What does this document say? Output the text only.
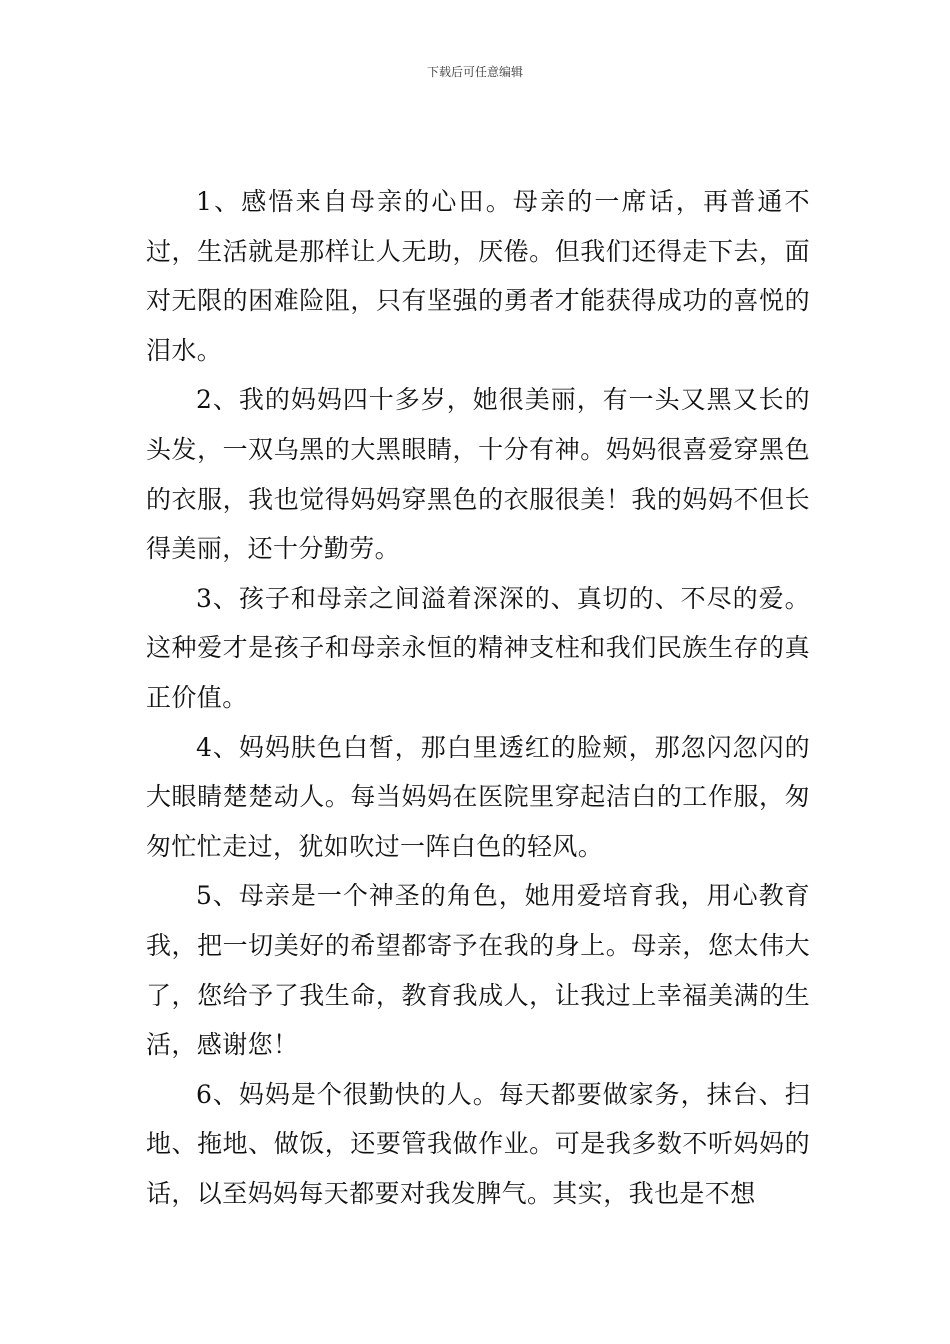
下载后可任意编辑

1、感悟来自母亲的心田。母亲的一席话，再普通不过，生活就是那样让人无助，厌倦。但我们还得走下去，面对无限的困难险阻，只有坚强的勇者才能获得成功的喜悦的泪水。

2、我的妈妈四十多岁，她很美丽，有一头又黑又长的头发，一双乌黑的大黑眼睛，十分有神。妈妈很喜爱穿黑色的衣服，我也觉得妈妈穿黑色的衣服很美！我的妈妈不但长得美丽，还十分勤劳。

3、孩子和母亲之间溢着深深的、真切的、不尽的爱。这种爱才是孩子和母亲永恒的精神支柱和我们民族生存的真正价值。

4、妈妈肤色白皙，那白里透红的脸颊，那忽闪忽闪的大眼睛楚楚动人。每当妈妈在医院里穿起洁白的工作服，匆匆忙忙走过，犹如吹过一阵白色的轻风。

5、母亲是一个神圣的角色，她用爱培育我，用心教育我，把一切美好的希望都寄予在我的身上。母亲，您太伟大了，您给予了我生命，教育我成人，让我过上幸福美满的生活，感谢您！

6、妈妈是个很勤快的人。每天都要做家务，抹台、扫地、拖地、做饭，还要管我做作业。可是我多数不听妈妈的话，以至妈妈每天都要对我发脾气。其实，我也是不想
